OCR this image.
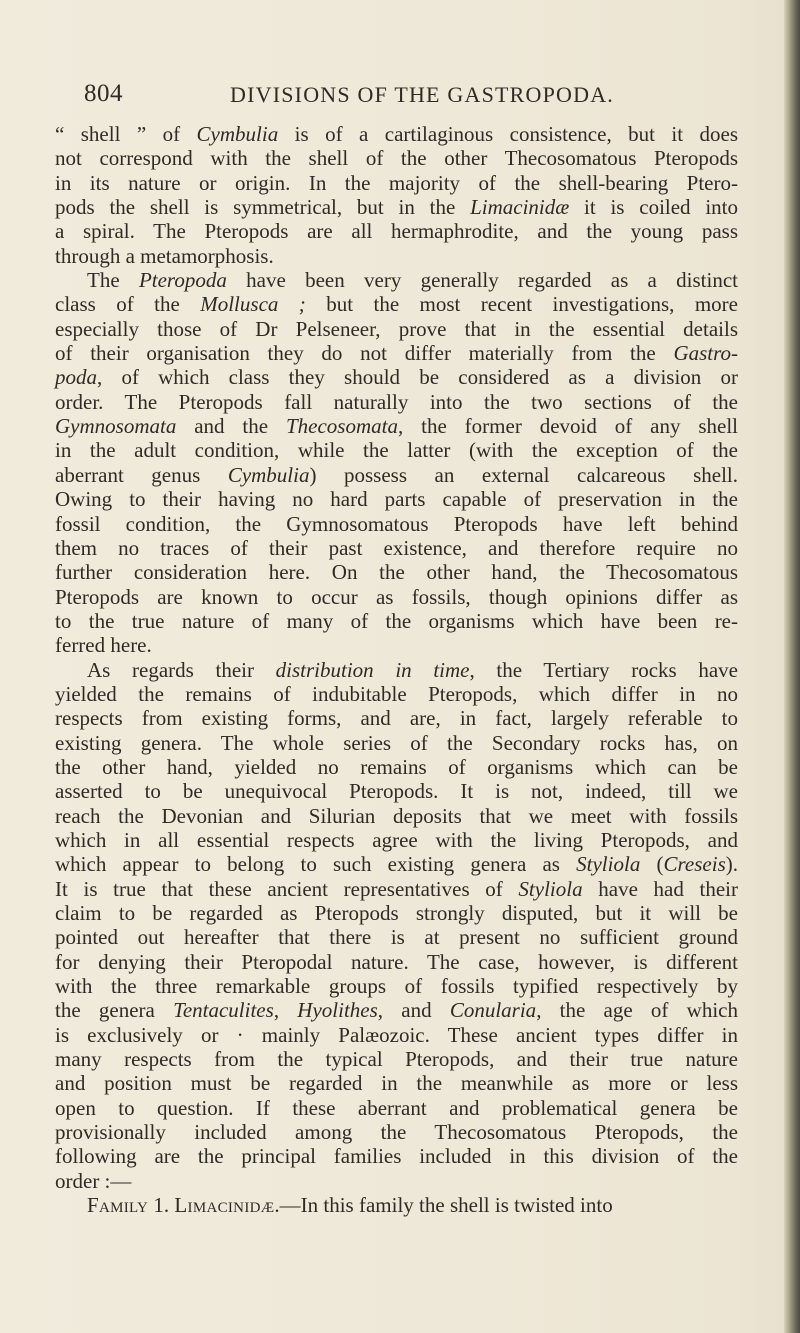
804	DIVISIONS OF THE GASTROPODA.
“ shell ” of Cymbulia is of a cartilaginous consistence, but it does
not correspond with the shell of the other Thecosomatous Pteropods
in its nature or origin. In the majority of the shell-bearing Ptero-
pods the shell is symmetrical, but in the Limacinidæ it is coiled into
a spiral. The Pteropods are all hermaphrodite, and the young pass
through a metamorphosis.
The Pteropoda have been very generally regarded as a distinct
class of the Mollusca ; but the most recent investigations, more
especially those of Dr Pelseneer, prove that in the essential details
of their organisation they do not differ materially from the Gastro-
poda, of which class they should be considered as a division or
order. The Pteropods fall naturally into the two sections of the
Gymnosomata and the Thecosomata, the former devoid of any shell
in the adult condition, while the latter (with the exception of the
aberrant genus Cymbulia) possess an external calcareous shell.
Owing to their having no hard parts capable of preservation in the
fossil condition, the Gymnosomatous Pteropods have left behind
them no traces of their past existence, and therefore require no
further consideration here. On the other hand, the Thecosomatous
Pteropods are known to occur as fossils, though opinions differ as
to the true nature of many of the organisms which have been re-
ferred here.
As regards their distribution in time, the Tertiary rocks have
yielded the remains of indubitable Pteropods, which differ in no
respects from existing forms, and are, in fact, largely referable to
existing genera. The whole series of the Secondary rocks has, on
the other hand, yielded no remains of organisms which can be
asserted to be unequivocal Pteropods. It is not, indeed, till we
reach the Devonian and Silurian deposits that we meet with fossils
which in all essential respects agree with the living Pteropods, and
which appear to belong to such existing genera as Styliola (Creseis).
It is true that these ancient representatives of Styliola have had their
claim to be regarded as Pteropods strongly disputed, but it will be
pointed out hereafter that there is at present no sufficient ground
for denying their Pteropodal nature. The case, however, is different
with the three remarkable groups of fossils typified respectively by
the genera Tentaculites, Hyolithes, and Conularia, the age of which
is exclusively or · mainly Palæozoic. These ancient types differ in
many respects from the typical Pteropods, and their true nature
and position must be regarded in the meanwhile as more or less
open to question. If these aberrant and problematical genera be
provisionally included among the Thecosomatous Pteropods, the
following are the principal families included in this division of the
order :—
Family 1. Limacinidæ.—In this family the shell is twisted into
